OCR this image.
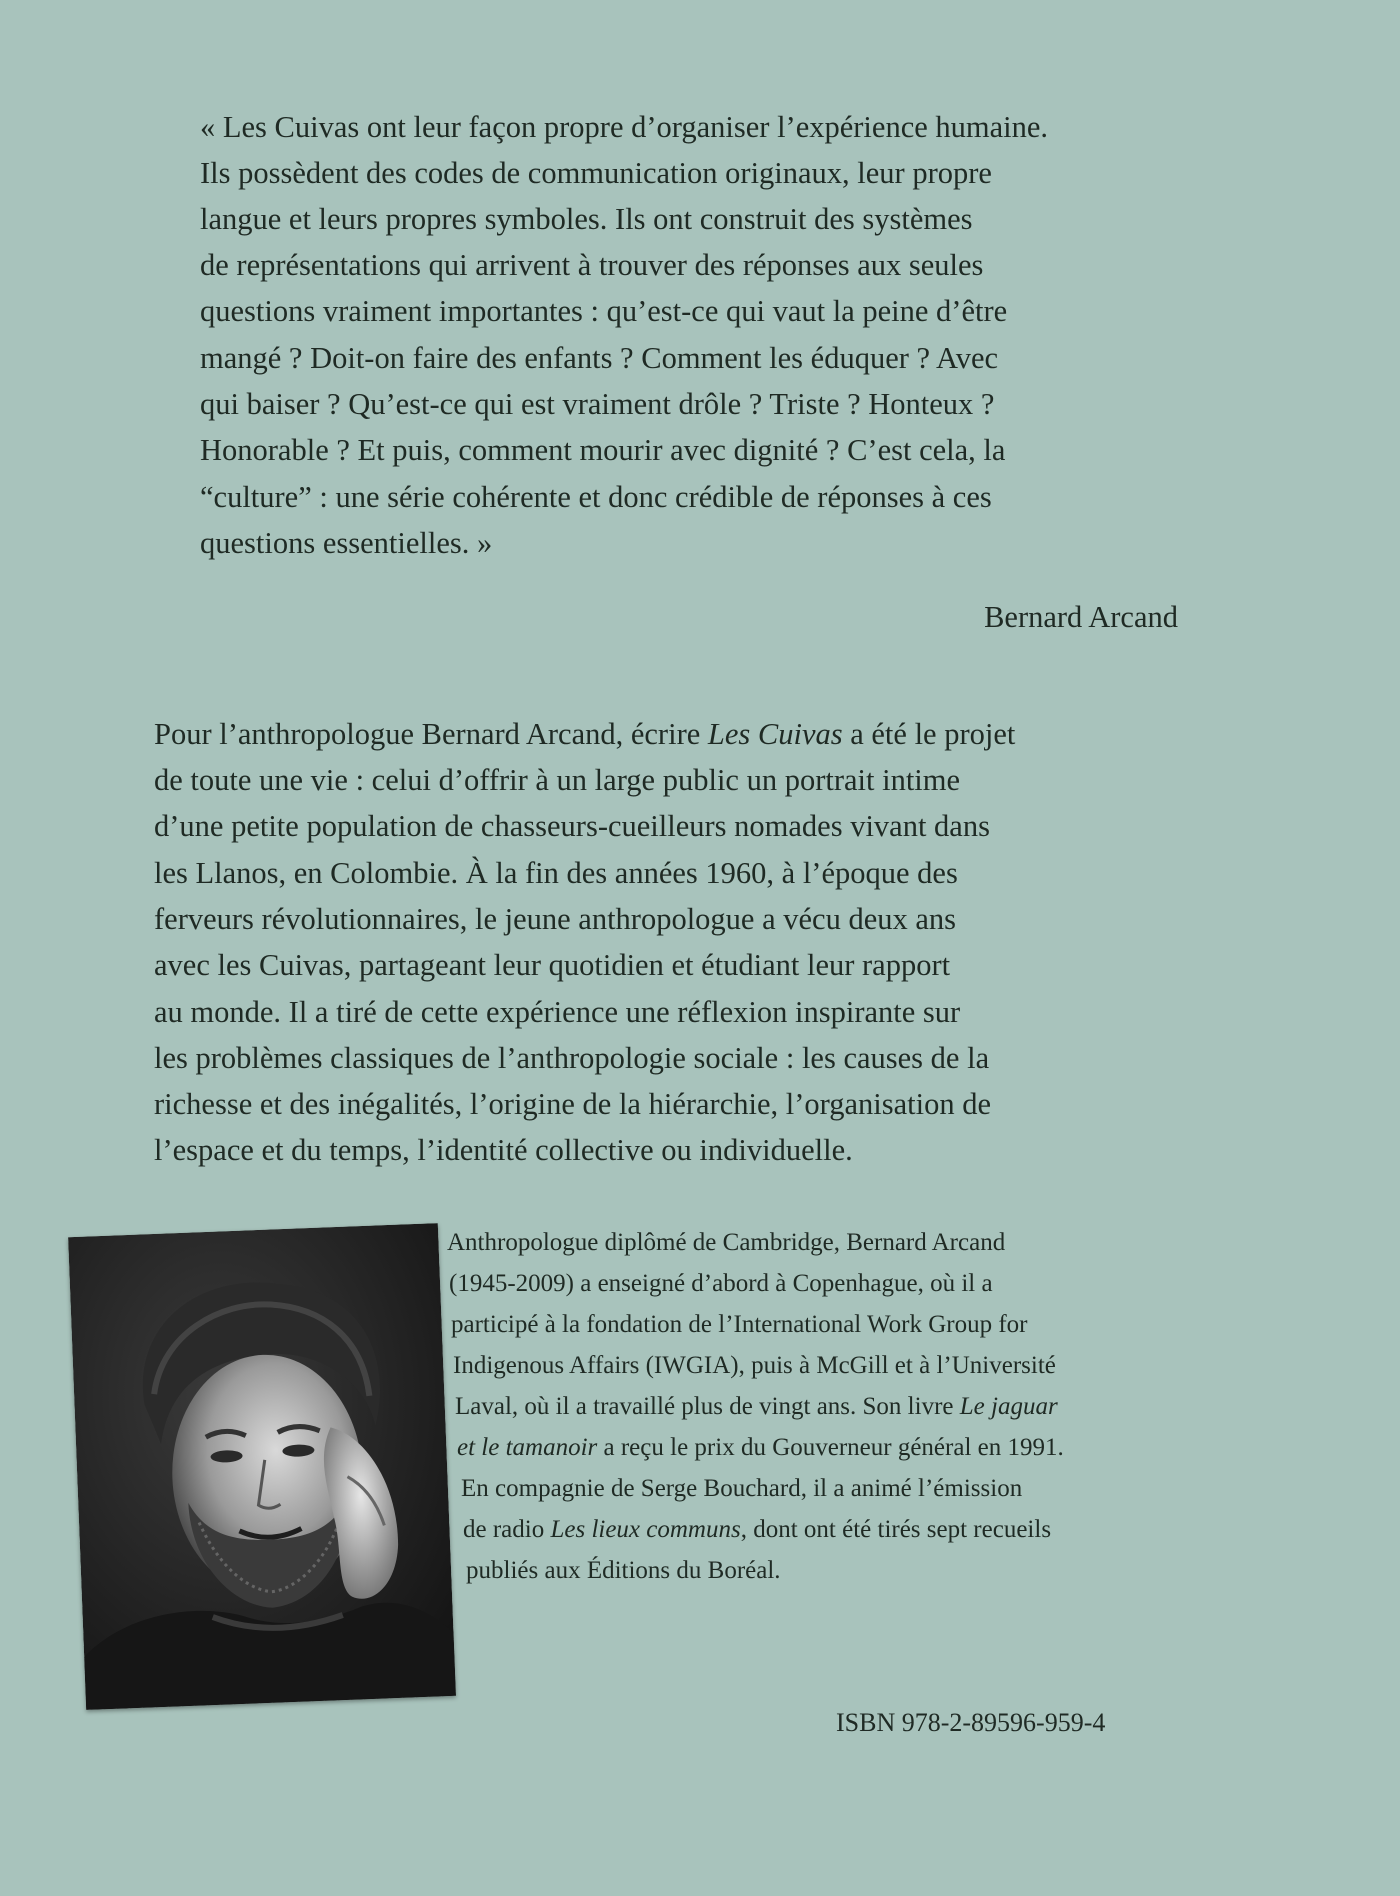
« Les Cuivas ont leur façon propre d’organiser l’expérience humaine.
Ils possèdent des codes de communication originaux, leur propre
langue et leurs propres symboles. Ils ont construit des systèmes
de représentations qui arrivent à trouver des réponses aux seules
questions vraiment importantes : qu’est-ce qui vaut la peine d’être
mangé ? Doit-on faire des enfants ? Comment les éduquer ? Avec
qui baiser ? Qu’est-ce qui est vraiment drôle ? Triste ? Honteux ?
Honorable ? Et puis, comment mourir avec dignité ? C’est cela, la
“culture” : une série cohérente et donc crédible de réponses à ces
questions essentielles. »
Bernard Arcand
Pour l’anthropologue Bernard Arcand, écrire Les Cuivas a été le projet
de toute une vie : celui d’offrir à un large public un portrait intime
d’une petite population de chasseurs-cueilleurs nomades vivant dans
les Llanos, en Colombie. À la fin des années 1960, à l’époque des
ferveurs révolutionnaires, le jeune anthropologue a vécu deux ans
avec les Cuivas, partageant leur quotidien et étudiant leur rapport
au monde. Il a tiré de cette expérience une réflexion inspirante sur
les problèmes classiques de l’anthropologie sociale : les causes de la
richesse et des inégalités, l’origine de la hiérarchie, l’organisation de
l’espace et du temps, l’identité collective ou individuelle.
Anthropologue diplômé de Cambridge, Bernard Arcand
(1945-2009) a enseigné d’abord à Copenhague, où il a
participé à la fondation de l’International Work Group for
Indigenous Affairs (IWGIA), puis à McGill et à l’Université
Laval, où il a travaillé plus de vingt ans. Son livre Le jaguar
et le tamanoir a reçu le prix du Gouverneur général en 1991.
En compagnie de Serge Bouchard, il a animé l’émission
de radio Les lieux communs, dont ont été tirés sept recueils
publiés aux Éditions du Boréal.
ISBN 978-2-89596-959-4
